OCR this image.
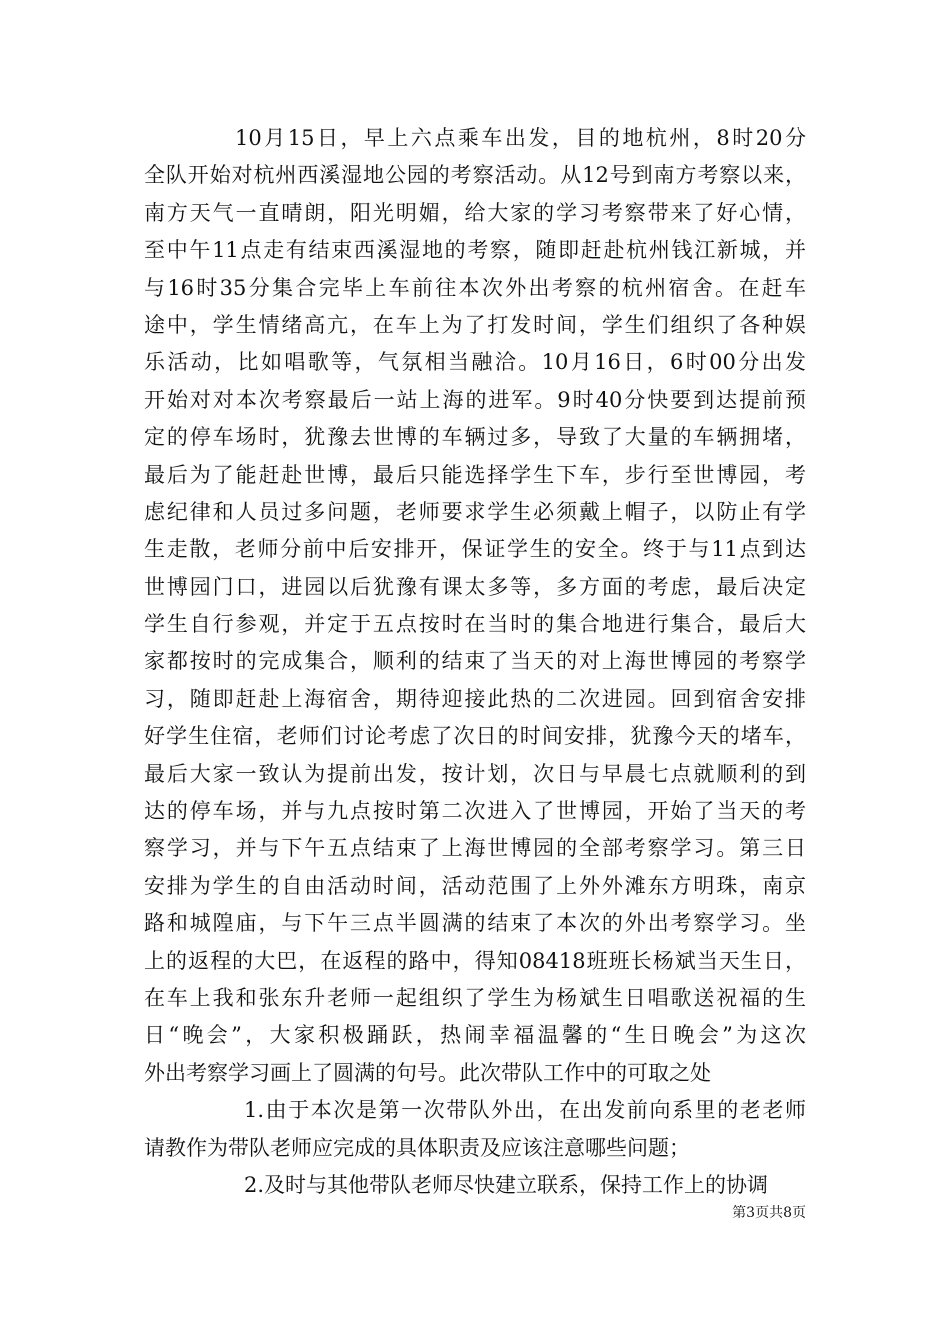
10月15日，早上六点乘车出发，目的地杭州，8时20分
全队开始对杭州西溪湿地公园的考察活动。从12号到南方考察以来，
南方天气一直晴朗，阳光明媚，给大家的学习考察带来了好心情，
至中午11点走有结束西溪湿地的考察，随即赶赴杭州钱江新城，并
与16时35分集合完毕上车前往本次外出考察的杭州宿舍。在赶车
途中，学生情绪高亢，在车上为了打发时间，学生们组织了各种娱
乐活动，比如唱歌等，气氛相当融洽。10月16日，6时00分出发
开始对对本次考察最后一站上海的进军。9时40分快要到达提前预
定的停车场时，犹豫去世博的车辆过多，导致了大量的车辆拥堵，
最后为了能赶赴世博，最后只能选择学生下车，步行至世博园，考
虑纪律和人员过多问题，老师要求学生必须戴上帽子，以防止有学
生走散，老师分前中后安排开，保证学生的安全。终于与11点到达
世博园门口，进园以后犹豫有课太多等，多方面的考虑，最后决定
学生自行参观，并定于五点按时在当时的集合地进行集合，最后大
家都按时的完成集合，顺利的结束了当天的对上海世博园的考察学
习，随即赶赴上海宿舍，期待迎接此热的二次进园。回到宿舍安排
好学生住宿，老师们讨论考虑了次日的时间安排，犹豫今天的堵车，
最后大家一致认为提前出发，按计划，次日与早晨七点就顺利的到
达的停车场，并与九点按时第二次进入了世博园，开始了当天的考
察学习，并与下午五点结束了上海世博园的全部考察学习。第三日
安排为学生的自由活动时间，活动范围了上外外滩东方明珠，南京
路和城隍庙，与下午三点半圆满的结束了本次的外出考察学习。坐
上的返程的大巴，在返程的路中，得知08418班班长杨斌当天生日，
在车上我和张东升老师一起组织了学生为杨斌生日唱歌送祝福的生
日“晚会”，大家积极踊跃，热闹幸福温馨的“生日晚会”为这次
外出考察学习画上了圆满的句号。此次带队工作中的可取之处
1.由于本次是第一次带队外出，在出发前向系里的老老师
请教作为带队老师应完成的具体职责及应该注意哪些问题；
2.及时与其他带队老师尽快建立联系，保持工作上的协调
第3页共8页
